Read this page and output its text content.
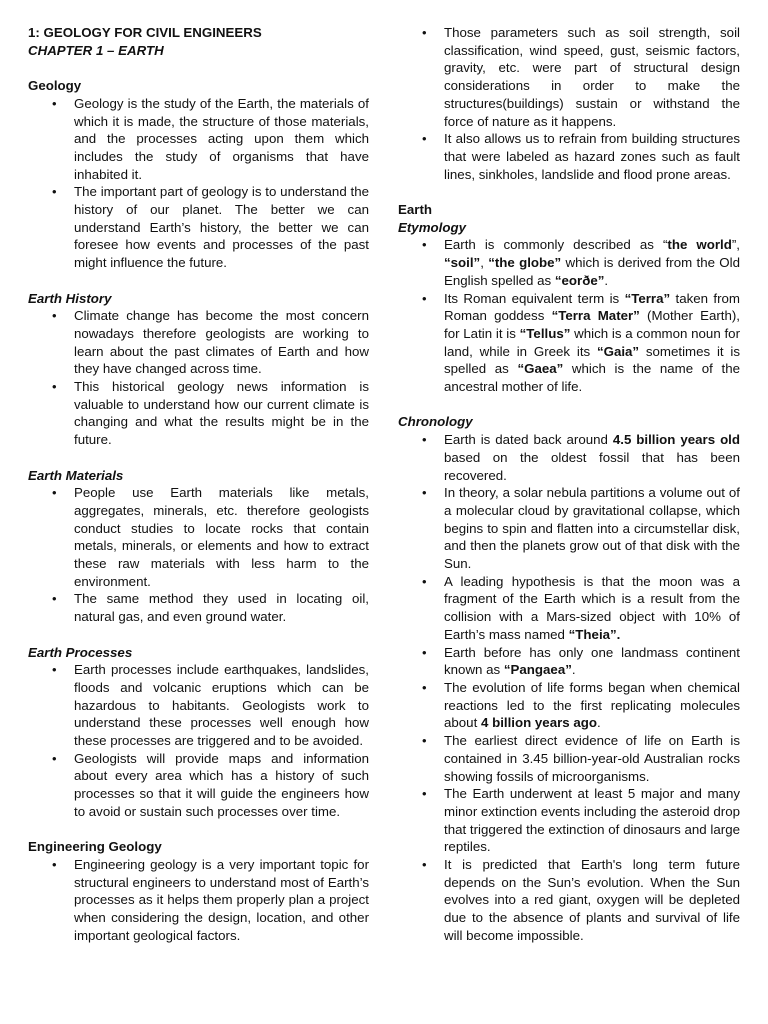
1: GEOLOGY FOR CIVIL ENGINEERS

CHAPTER 1 – EARTH

Geology

• Geology is the study of the Earth, the materials of which it is made, the structure of those materials, and the processes acting upon them which includes the study of organisms that have inhabited it.
• The important part of geology is to understand the history of our planet. The better we can understand Earth’s history, the better we can foresee how events and processes of the past might influence the future.

Earth History

• Climate change has become the most concern nowadays therefore geologists are working to learn about the past climates of Earth and how they have changed across time.
• This historical geology news information is valuable to understand how our current climate is changing and what the results might be in the future.

Earth Materials

• People use Earth materials like metals, aggregates, minerals, etc. therefore geologists conduct studies to locate rocks that contain metals, minerals, or elements and how to extract these raw materials with less harm to the environment.
• The same method they used in locating oil, natural gas, and even ground water.

Earth Processes

• Earth processes include earthquakes, landslides, floods and volcanic eruptions which can be hazardous to habitants. Geologists work to understand these processes well enough how these processes are triggered and to be avoided.
• Geologists will provide maps and information about every area which has a history of such processes so that it will guide the engineers how to avoid or sustain such processes over time.

Engineering Geology

• Engineering geology is a very important topic for structural engineers to understand most of Earth’s processes as it helps them properly plan a project when considering the design, location, and other important geological factors.
• Those parameters such as soil strength, soil classification, wind speed, gust, seismic factors, gravity, etc. were part of structural design considerations in order to make the structures(buildings) sustain or withstand the force of nature as it happens.
• It also allows us to refrain from building structures that were labeled as hazard zones such as fault lines, sinkholes, landslide and flood prone areas.

Earth

Etymology

• Earth is commonly described as “the world”, “soil”, “the globe” which is derived from the Old English spelled as “eorðe”.
• Its Roman equivalent term is “Terra” taken from Roman goddess “Terra Mater” (Mother Earth), for Latin it is “Tellus” which is a common noun for land, while in Greek its “Gaia” sometimes it is spelled as “Gaea” which is the name of the ancestral mother of life.

Chronology

• Earth is dated back around 4.5 billion years old based on the oldest fossil that has been recovered.
• In theory, a solar nebula partitions a volume out of a molecular cloud by gravitational collapse, which begins to spin and flatten into a circumstellar disk, and then the planets grow out of that disk with the Sun.
• A leading hypothesis is that the moon was a fragment of the Earth which is a result from the collision with a Mars-sized object with 10% of Earth’s mass named “Theia”.
• Earth before has only one landmass continent known as “Pangaea”.
• The evolution of life forms began when chemical reactions led to the first replicating molecules about 4 billion years ago.
• The earliest direct evidence of life on Earth is contained in 3.45 billion-year-old Australian rocks showing fossils of microorganisms.
• The Earth underwent at least 5 major and many minor extinction events including the asteroid drop that triggered the extinction of dinosaurs and large reptiles.
• It is predicted that Earth's long term future depends on the Sun’s evolution. When the Sun evolves into a red giant, oxygen will be depleted due to the absence of plants and survival of life will become impossible.
